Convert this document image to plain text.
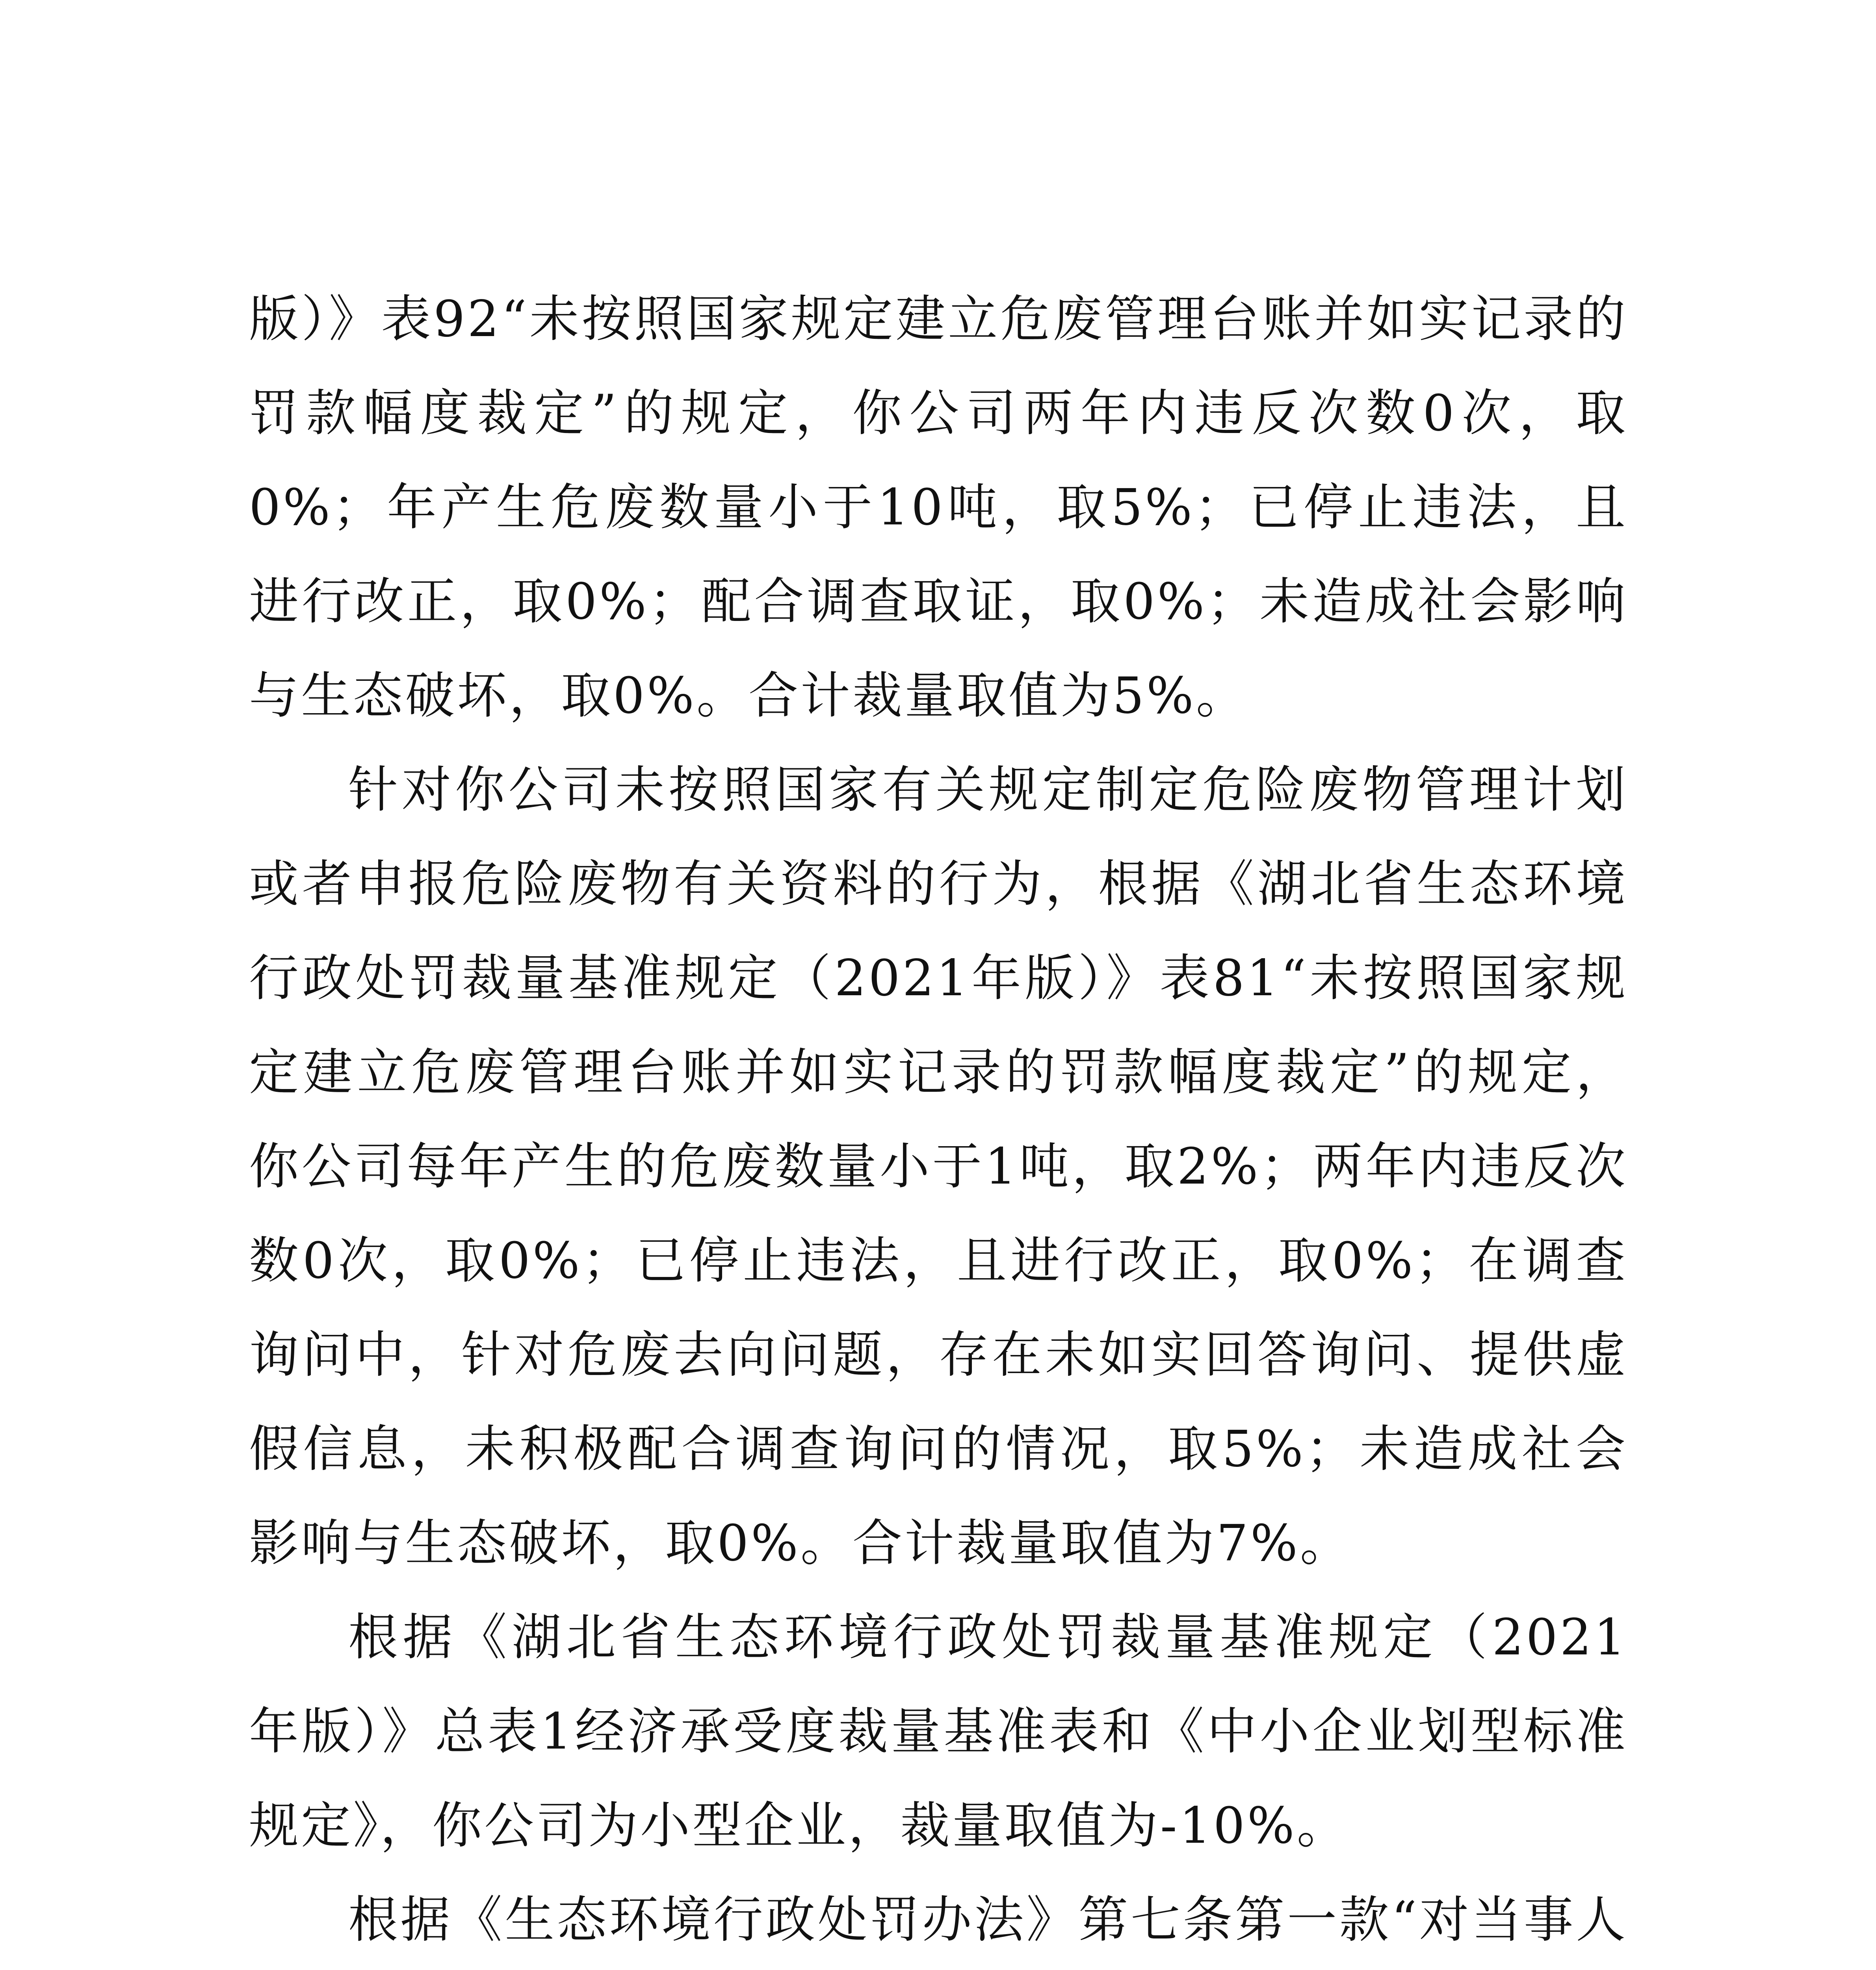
版）》表92“未按照国家规定建立危废管理台账并如实记录的罚款幅度裁定”的规定，你公司两年内违反次数0次，取0%；年产生危废数量小于10吨，取5%；已停止违法，且进行改正，取0%；配合调查取证，取0%；未造成社会影响与生态破坏，取0%。合计裁量取值为5%。

针对你公司未按照国家有关规定制定危险废物管理计划或者申报危险废物有关资料的行为，根据《湖北省生态环境行政处罚裁量基准规定（2021年版）》表81“未按照国家规定建立危废管理台账并如实记录的罚款幅度裁定”的规定，你公司每年产生的危废数量小于1吨，取2%；两年内违反次数0次，取0%；已停止违法，且进行改正，取0%；在调查询问中，针对危废去向问题，存在未如实回答询问、提供虚假信息，未积极配合调查询问的情况，取5%；未造成社会影响与生态破坏，取0%。合计裁量取值为7%。

根据《湖北省生态环境行政处罚裁量基准规定（2021年版）》总表1经济承受度裁量基准表和《中小企业划型标准规定》，你公司为小型企业，裁量取值为-10%。

根据《生态环境行政处罚办法》第七条第一款“对当事人
